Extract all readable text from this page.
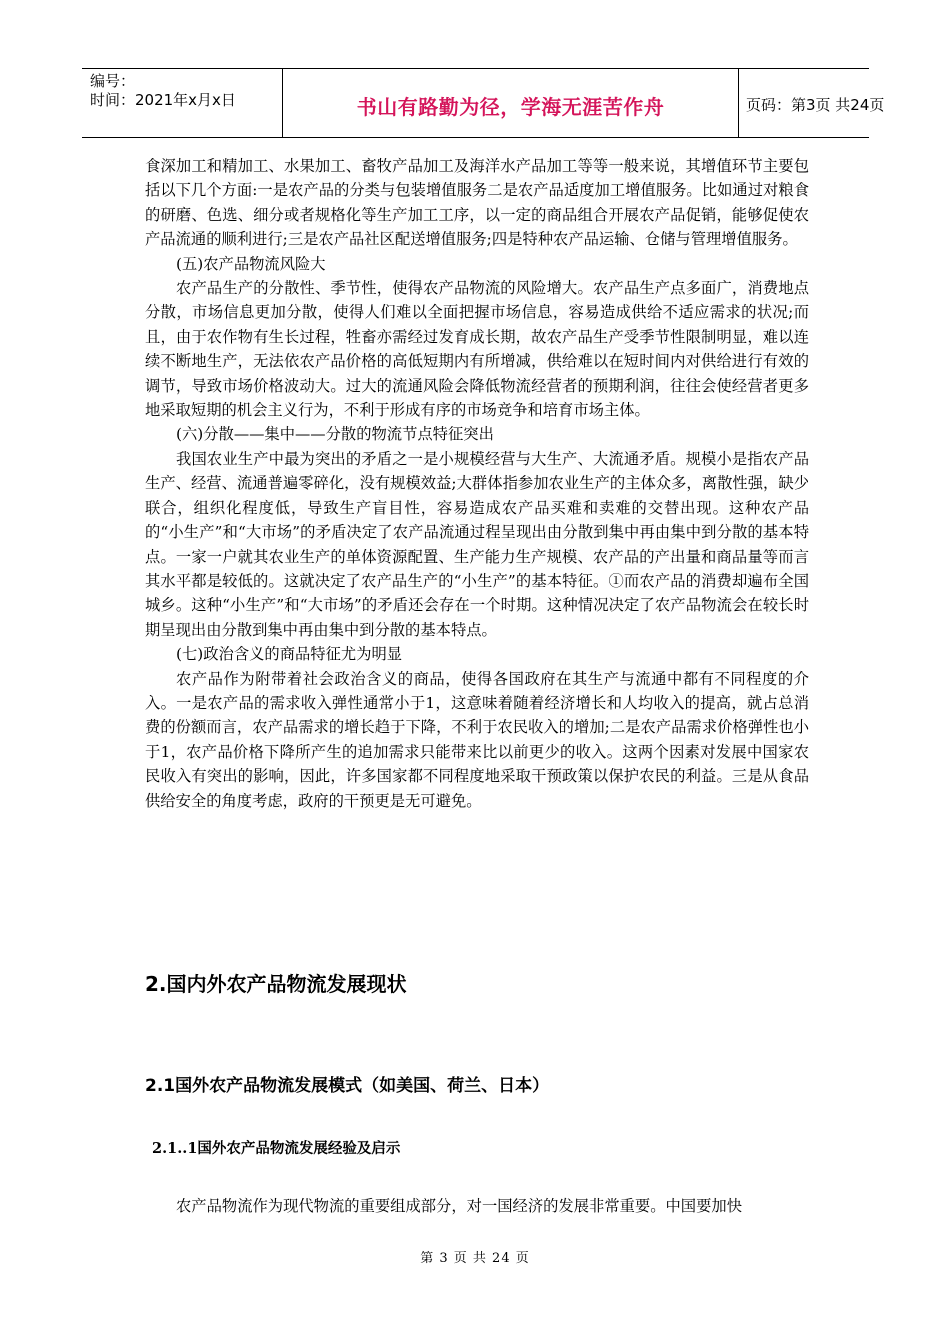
编号：
时间：2021年x月x日	书山有路勤为径，学海无涯苦作舟	页码：第3页 共24页

食深加工和精加工、水果加工、畜牧产品加工及海洋水产品加工等等一般来说，其增值环节主要包括以下几个方面:一是农产品的分类与包装增值服务二是农产品适度加工增值服务。比如通过对粮食的研磨、色选、细分或者规格化等生产加工工序，以一定的商品组合开展农产品促销，能够促使农产品流通的顺利进行;三是农产品社区配送增值服务;四是特种农产品运输、仓储与管理增值服务。

(五)农产品物流风险大

农产品生产的分散性、季节性，使得农产品物流的风险增大。农产品生产点多面广，消费地点分散，市场信息更加分散，使得人们难以全面把握市场信息，容易造成供给不适应需求的状况;而且，由于农作物有生长过程，牲畜亦需经过发育成长期，故农产品生产受季节性限制明显，难以连续不断地生产，无法依农产品价格的高低短期内有所增减，供给难以在短时间内对供给进行有效的调节，导致市场价格波动大。过大的流通风险会降低物流经营者的预期利润，往往会使经营者更多地采取短期的机会主义行为，不利于形成有序的市场竞争和培育市场主体。

(六)分散——集中——分散的物流节点特征突出

我国农业生产中最为突出的矛盾之一是小规模经营与大生产、大流通矛盾。规模小是指农产品生产、经营、流通普遍零碎化，没有规模效益;大群体指参加农业生产的主体众多，离散性强，缺少联合，组织化程度低，导致生产盲目性，容易造成农产品买难和卖难的交替出现。这种农产品的“小生产”和“大市场”的矛盾决定了农产品流通过程呈现出由分散到集中再由集中到分散的基本特点。一家一户就其农业生产的单体资源配置、生产能力生产规模、农产品的产出量和商品量等而言其水平都是较低的。这就决定了农产品生产的“小生产”的基本特征。①而农产品的消费却遍布全国城乡。这种“小生产”和“大市场”的矛盾还会存在一个时期。这种情况决定了农产品物流会在较长时期呈现出由分散到集中再由集中到分散的基本特点。

(七)政治含义的商品特征尤为明显

农产品作为附带着社会政治含义的商品，使得各国政府在其生产与流通中都有不同程度的介入。一是农产品的需求收入弹性通常小于1，这意味着随着经济增长和人均收入的提高，就占总消费的份额而言，农产品需求的增长趋于下降，不利于农民收入的增加;二是农产品需求价格弹性也小于1，农产品价格下降所产生的追加需求只能带来比以前更少的收入。这两个因素对发展中国家农民收入有突出的影响，因此，许多国家都不同程度地采取干预政策以保护农民的利益。三是从食品供给安全的角度考虑，政府的干预更是无可避免。

2.国内外农产品物流发展现状
2.1国外农产品物流发展模式（如美国、荷兰、日本）
2.1..1国外农产品物流发展经验及启示

农产品物流作为现代物流的重要组成部分，对一国经济的发展非常重要。中国要加快

第 3 页 共 24 页
